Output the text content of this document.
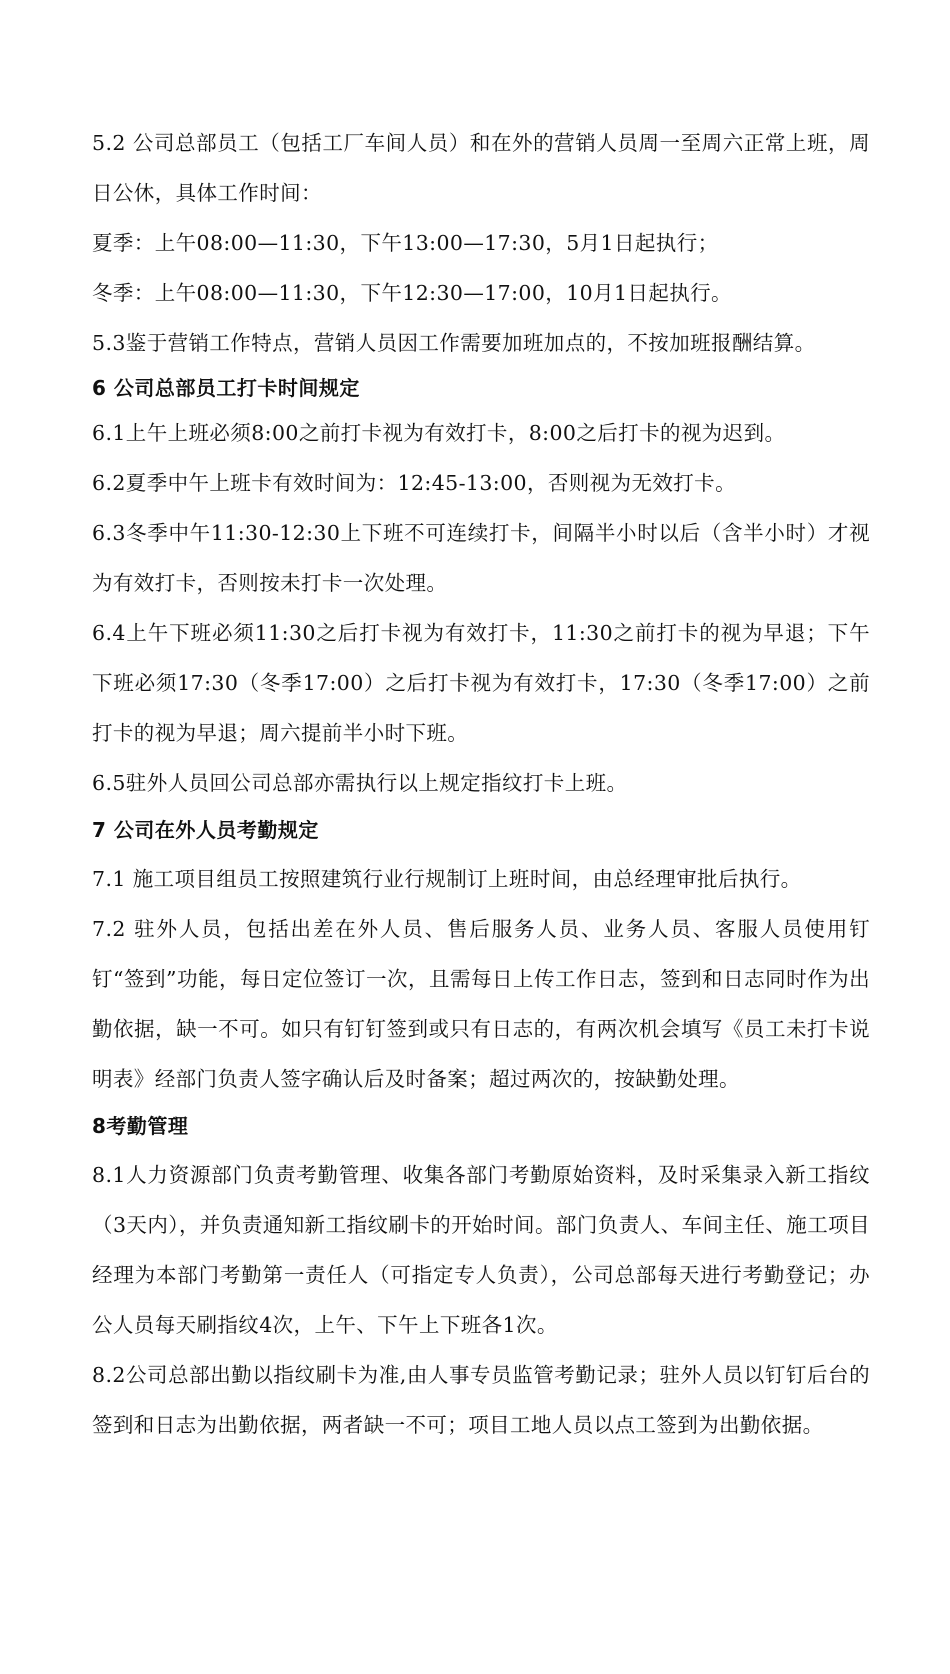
5.2 公司总部员工（包括工厂车间人员）和在外的营销人员周一至周六正常上班，周日公休，具体工作时间：

夏季：上午08:00—11:30，下午13:00—17:30，5月1日起执行；

冬季：上午08:00—11:30，下午12:30—17:00，10月1日起执行。

5.3鉴于营销工作特点，营销人员因工作需要加班加点的，不按加班报酬结算。

6 公司总部员工打卡时间规定

6.1上午上班必须8:00之前打卡视为有效打卡，8:00之后打卡的视为迟到。

6.2夏季中午上班卡有效时间为：12:45-13:00，否则视为无效打卡。

6.3冬季中午11:30-12:30上下班不可连续打卡，间隔半小时以后（含半小时）才视为有效打卡，否则按未打卡一次处理。

6.4上午下班必须11:30之后打卡视为有效打卡，11:30之前打卡的视为早退；下午下班必须17:30（冬季17:00）之后打卡视为有效打卡，17:30（冬季17:00）之前打卡的视为早退；周六提前半小时下班。

6.5驻外人员回公司总部亦需执行以上规定指纹打卡上班。

7 公司在外人员考勤规定

7.1 施工项目组员工按照建筑行业行规制订上班时间，由总经理审批后执行。

7.2 驻外人员，包括出差在外人员、售后服务人员、业务人员、客服人员使用钉钉“签到”功能，每日定位签订一次，且需每日上传工作日志，签到和日志同时作为出勤依据，缺一不可。如只有钉钉签到或只有日志的，有两次机会填写《员工未打卡说明表》经部门负责人签字确认后及时备案；超过两次的，按缺勤处理。

8考勤管理

8.1人力资源部门负责考勤管理、收集各部门考勤原始资料，及时采集录入新工指纹（3天内），并负责通知新工指纹刷卡的开始时间。部门负责人、车间主任、施工项目经理为本部门考勤第一责任人（可指定专人负责），公司总部每天进行考勤登记；办公人员每天刷指纹4次，上午、下午上下班各1次。

8.2公司总部出勤以指纹刷卡为准,由人事专员监管考勤记录；驻外人员以钉钉后台的签到和日志为出勤依据，两者缺一不可；项目工地人员以点工签到为出勤依据。
